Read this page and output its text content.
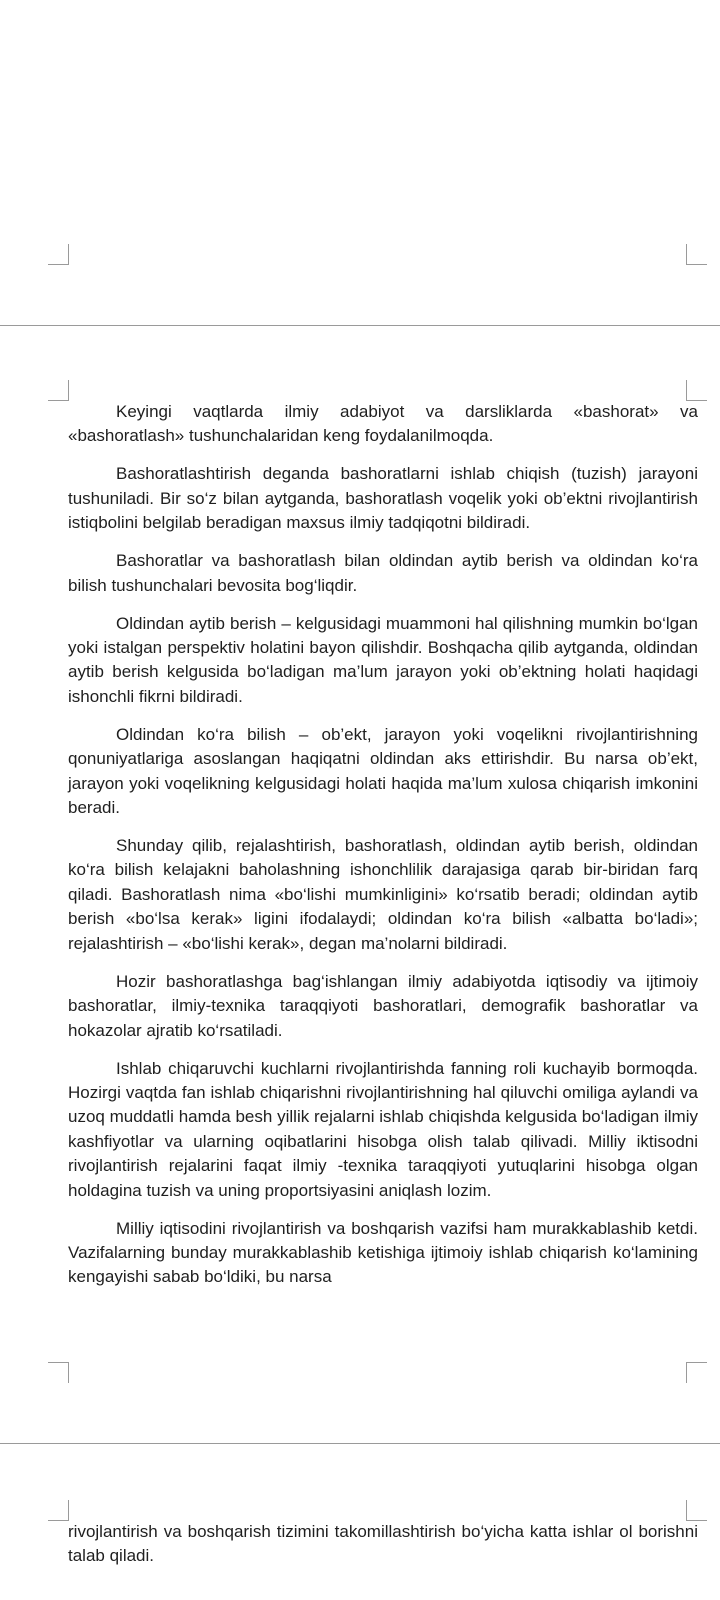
Keyingi vaqtlarda ilmiy adabiyot va darsliklarda «bashorat» va «bashoratlash» tushunchalaridan keng foydalanilmoqda.

Bashoratlashtirish deganda bashoratlarni ishlab chiqish (tuzish) jarayoni tushuniladi. Bir so‘z bilan aytganda, bashoratlash voqelik yoki ob’ektni rivojlantirish istiqbolini belgilab beradigan maxsus ilmiy tadqiqotni bildiradi.

Bashoratlar va bashoratlash bilan oldindan aytib berish va oldindan ko‘ra bilish tushunchalari bevosita bog‘liqdir.

Oldindan aytib berish – kelgusidagi muammoni hal qilishning mumkin bo‘lgan yoki istalgan perspektiv holatini bayon qilishdir. Boshqacha qilib aytganda, oldindan aytib berish kelgusida bo‘ladigan ma’lum jarayon yoki ob’ektning holati haqidagi ishonchli fikrni bildiradi.

Oldindan ko‘ra bilish – ob’ekt, jarayon yoki voqelikni rivojlantirishning qonuniyatlariga asoslangan haqiqatni oldindan aks ettirishdir. Bu narsa ob’ekt, jarayon yoki voqelikning kelgusidagi holati haqida ma’lum xulosa chiqarish imkonini beradi.

Shunday qilib, rejalashtirish, bashoratlash, oldindan aytib berish, oldindan ko‘ra bilish kelajakni baholashning ishonchlilik darajasiga qarab bir-biridan farq qiladi. Bashoratlash nima «bo‘lishi mumkinligini» ko‘rsatib beradi; oldindan aytib berish «bo‘lsa kerak» ligini ifodalaydi; oldindan ko‘ra bilish «albatta bo‘ladi»; rejalashtirish – «bo‘lishi kerak», degan ma’nolarni bildiradi.

Hozir bashoratlashga bag‘ishlangan ilmiy adabiyotda iqtisodiy va ijtimoiy bashoratlar, ilmiy-texnika taraqqiyoti bashoratlari, demografik bashoratlar va hokazolar ajratib ko‘rsatiladi.

Ishlab chiqaruvchi kuchlarni rivojlantirishda fanning roli kuchayib bormoqda. Hozirgi vaqtda fan ishlab chiqarishni rivojlantirishning hal qiluvchi omiliga aylandi va uzoq muddatli hamda besh yillik rejalarni ishlab chiqishda kelgusida bo‘ladigan ilmiy kashfiyotlar va ularning oqibatlarini hisobga olish talab qilivadi. Milliy iktisodni rivojlantirish rejalarini faqat ilmiy -texnika taraqqiyoti yutuqlarini hisobga olgan holdagina tuzish va uning proportsiyasini aniqlash lozim.

Milliy iqtisodini rivojlantirish va boshqarish vazifsi ham murakkablashib ketdi. Vazifalarning bunday murakkablashib ketishiga ijtimoiy ishlab chiqarish ko‘lamining kengayishi sabab bo‘ldiki, bu narsa

rivojlantirish va boshqarish tizimini takomillashtirish bo‘yicha katta ishlar ol borishni talab qiladi.
